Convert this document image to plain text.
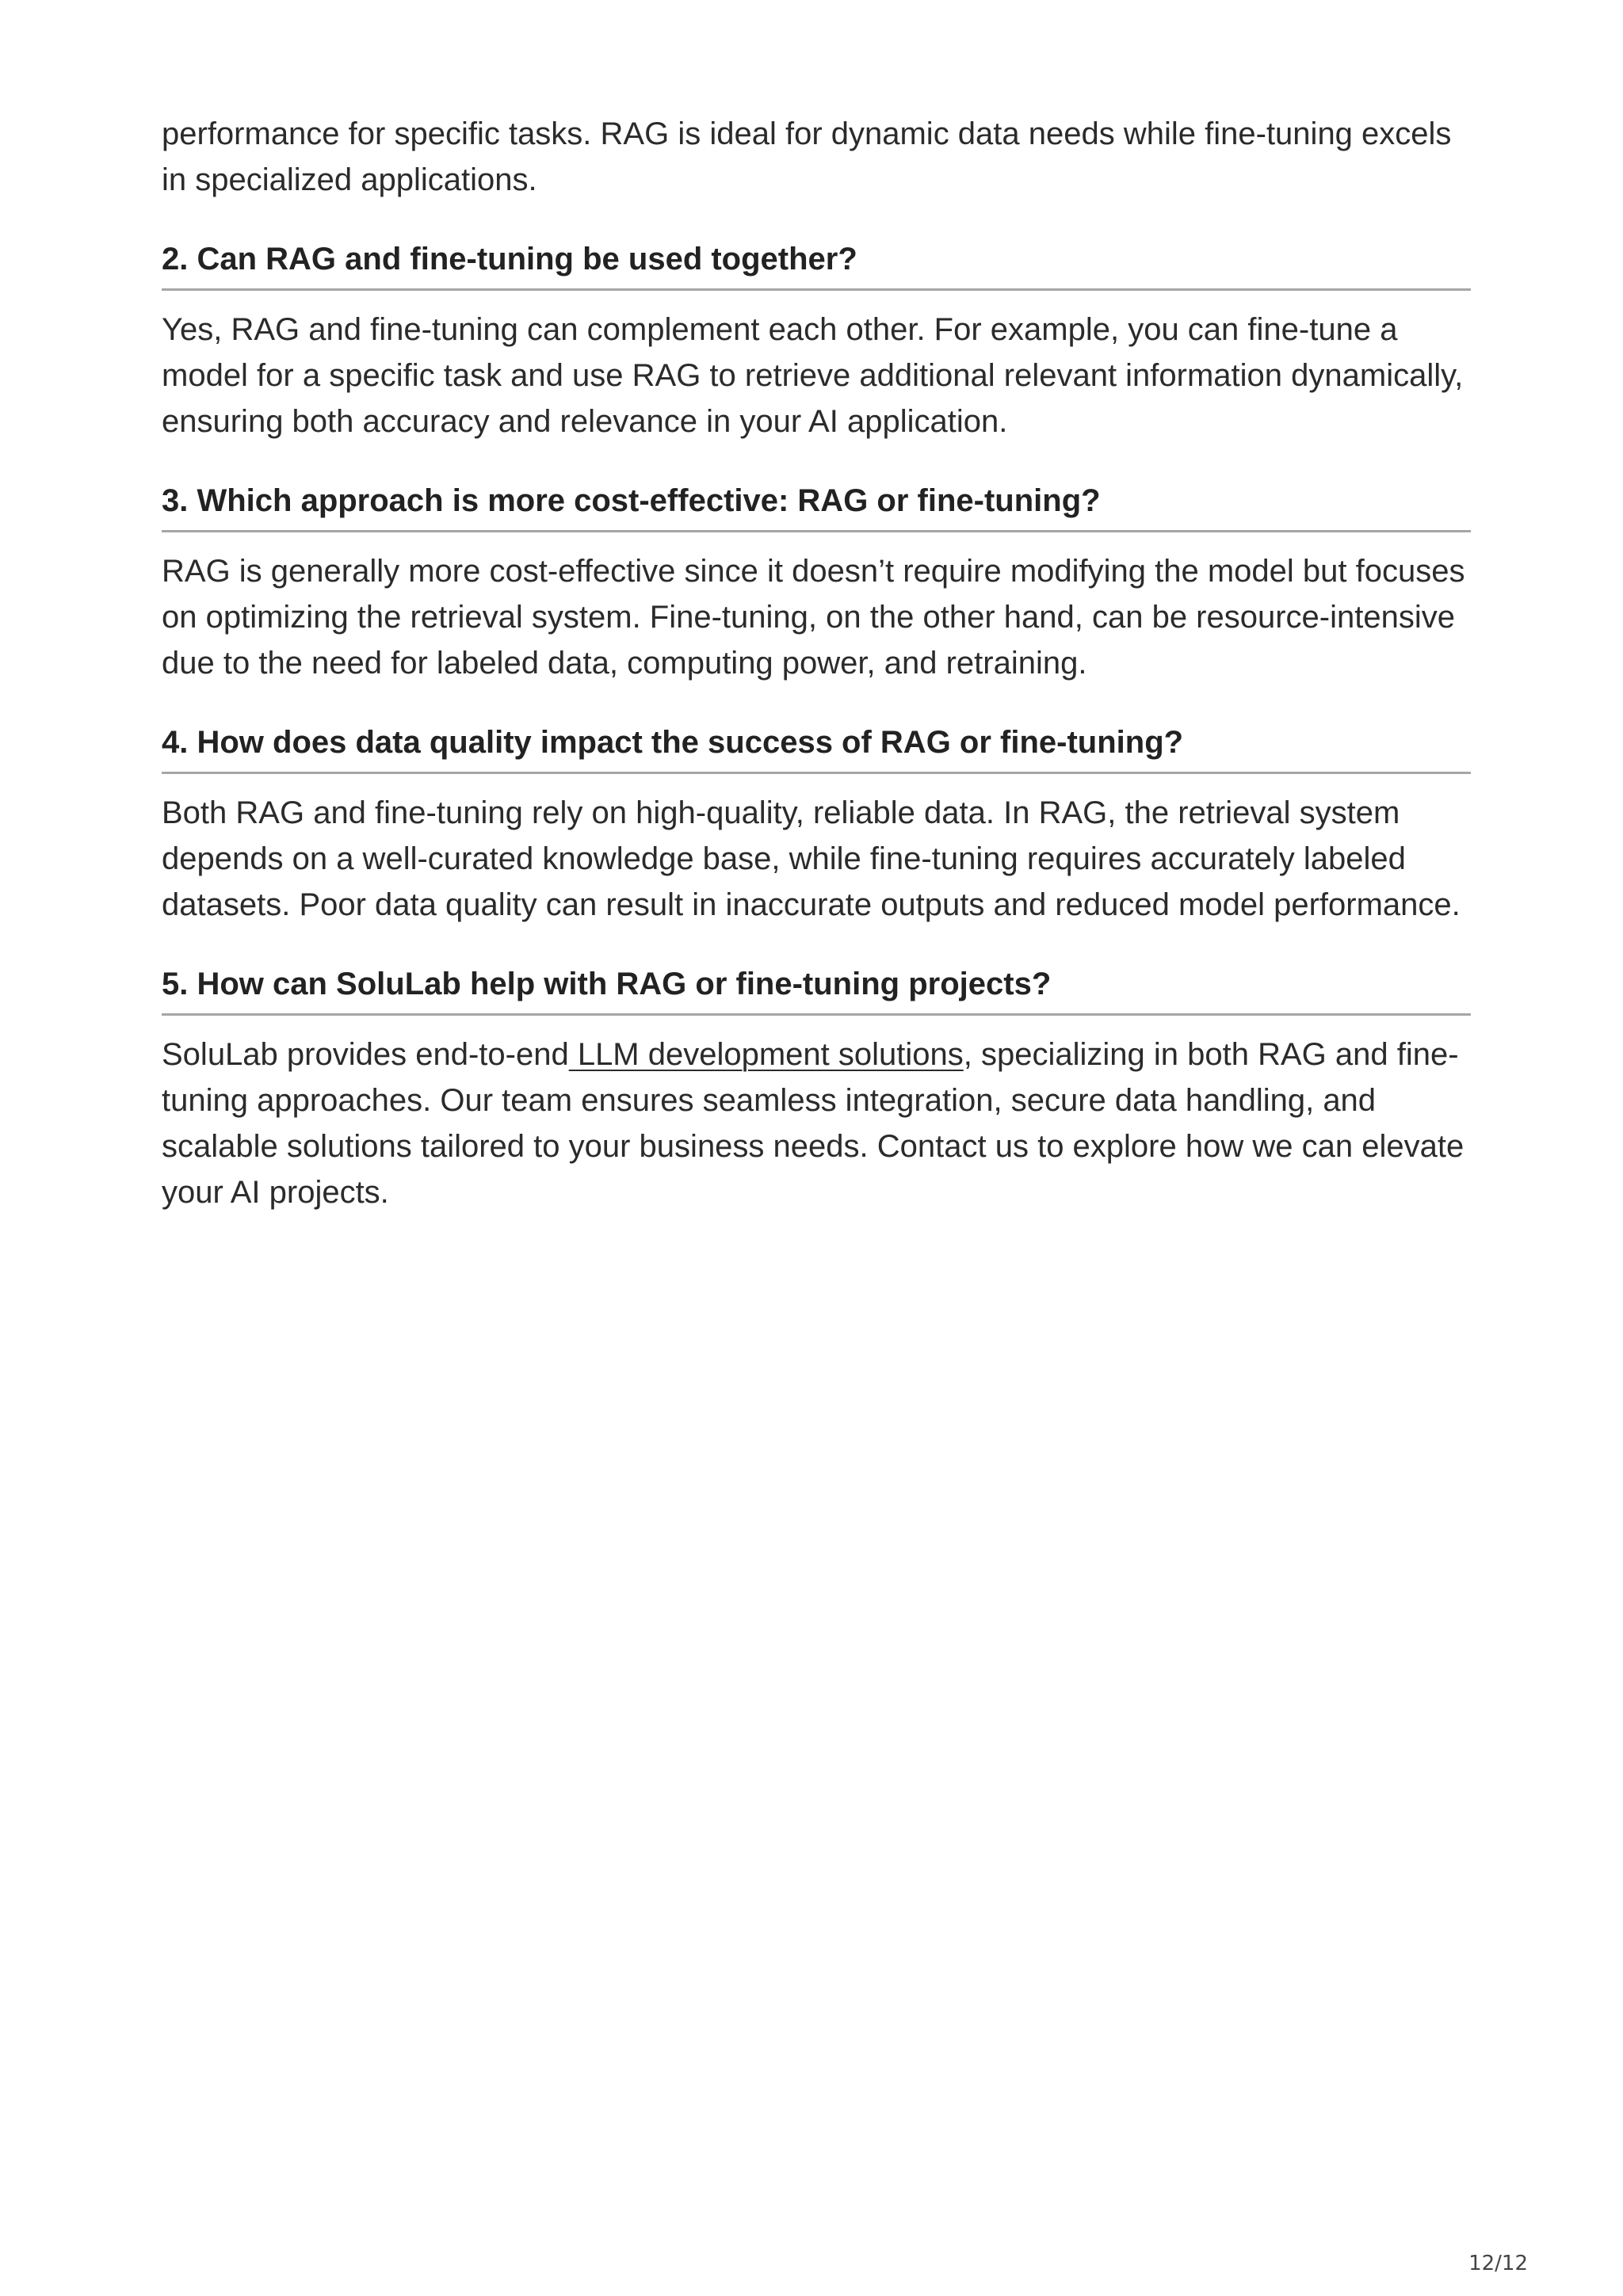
performance for specific tasks. RAG is ideal for dynamic data needs while fine-tuning excels in specialized applications.

2. Can RAG and fine-tuning be used together?

Yes, RAG and fine-tuning can complement each other. For example, you can fine-tune a model for a specific task and use RAG to retrieve additional relevant information dynamically, ensuring both accuracy and relevance in your AI application.

3. Which approach is more cost-effective: RAG or fine-tuning?

RAG is generally more cost-effective since it doesn’t require modifying the model but focuses on optimizing the retrieval system. Fine-tuning, on the other hand, can be resource-intensive due to the need for labeled data, computing power, and retraining.

4. How does data quality impact the success of RAG or fine-tuning?

Both RAG and fine-tuning rely on high-quality, reliable data. In RAG, the retrieval system depends on a well-curated knowledge base, while fine-tuning requires accurately labeled datasets. Poor data quality can result in inaccurate outputs and reduced model performance.

5. How can SoluLab help with RAG or fine-tuning projects?

SoluLab provides end-to-end LLM development solutions, specializing in both RAG and fine-tuning approaches. Our team ensures seamless integration, secure data handling, and scalable solutions tailored to your business needs. Contact us to explore how we can elevate your AI projects.

12/12
